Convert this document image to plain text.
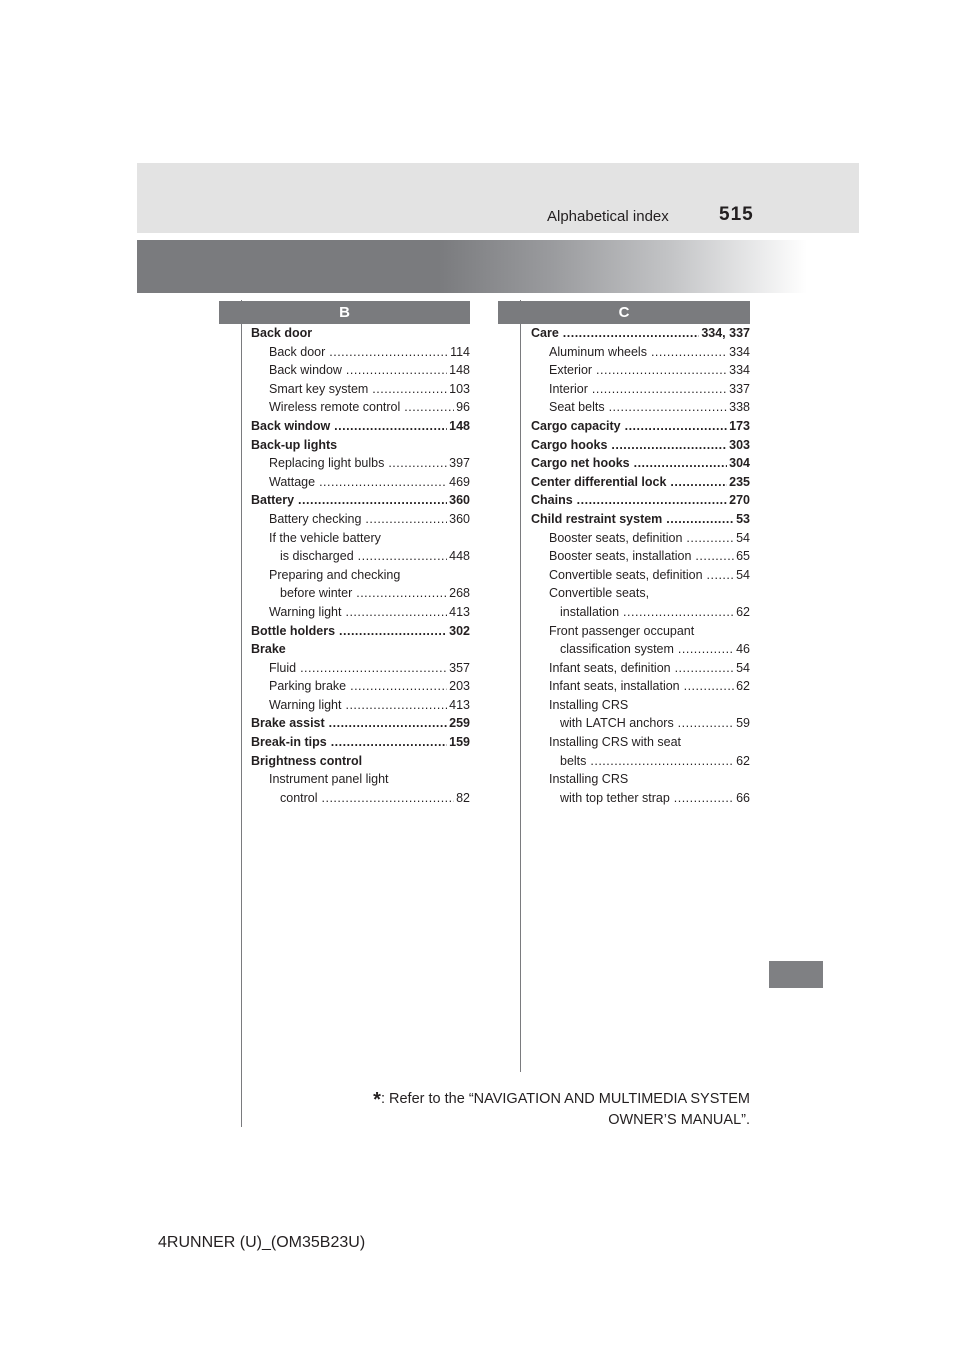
Alphabetical index	515
B	C
Back door
Back door .....	114
Back window .....	148
Smart key system .....	103
Wireless remote control .....	96
Back window .....	148
Back-up lights
Replacing light bulbs .....	397
Wattage .....	469
Battery .....	360
Battery checking .....	360
If the vehicle battery
is discharged .....	448
Preparing and checking
before winter .....	268
Warning light .....	413
Bottle holders .....	302
Brake
Fluid .....	357
Parking brake .....	203
Warning light .....	413
Brake assist .....	259
Break-in tips .....	159
Brightness control
Instrument panel light
control .....	82
Care .....	334, 337
Aluminum wheels .....	334
Exterior .....	334
Interior .....	337
Seat belts .....	338
Cargo capacity .....	173
Cargo hooks .....	303
Cargo net hooks .....	304
Center differential lock .....	235
Chains .....	270
Child restraint system .....	53
Booster seats, definition .....	54
Booster seats, installation .....	65
Convertible seats, definition .....	54
Convertible seats,
installation .....	62
Front passenger occupant
classification system .....	46
Infant seats, definition .....	54
Infant seats, installation .....	62
Installing CRS
with LATCH anchors .....	59
Installing CRS with seat
belts .....	62
Installing CRS
with top tether strap .....	66
*: Refer to the “NAVIGATION AND MULTIMEDIA SYSTEM
OWNER’S MANUAL”.
4RUNNER (U)_(OM35B23U)
